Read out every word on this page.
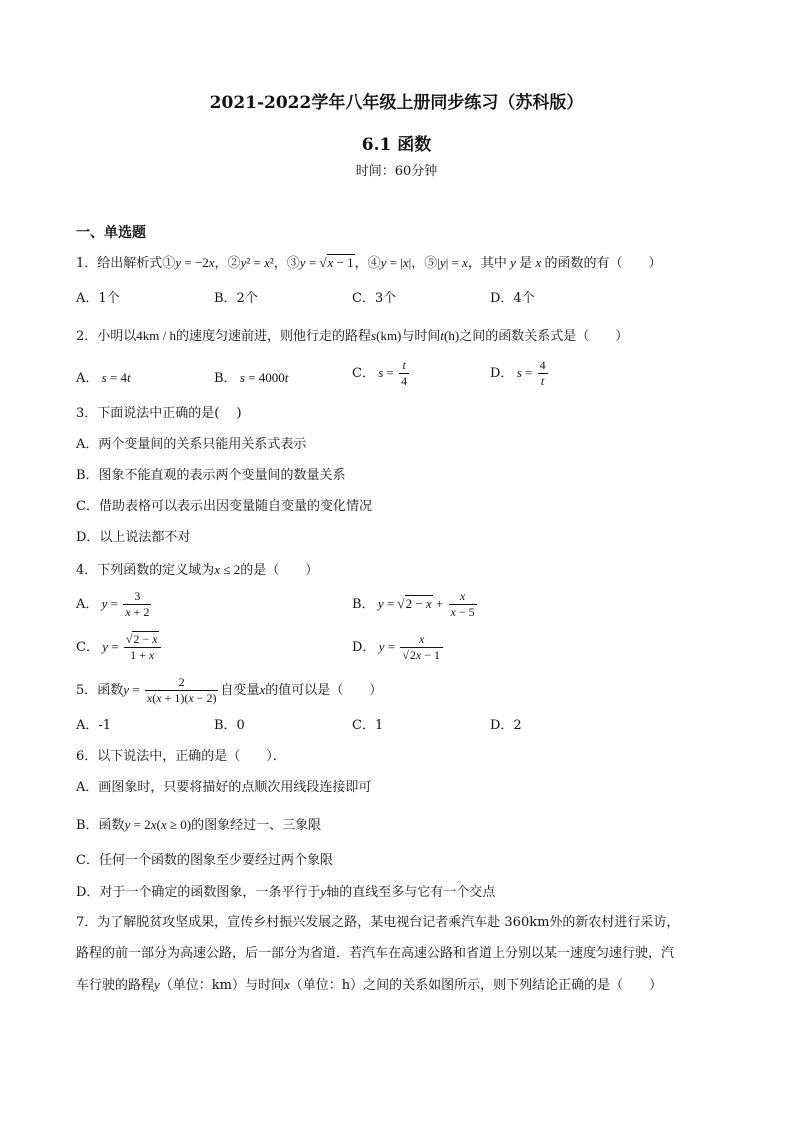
2021-2022学年八年级上册同步练习（苏科版）
6.1 函数
时间：60分钟
一、单选题
1．给出解析式①y = −2x，②y² = x²，③y = √x − 1，④y = |x|，⑤|y| = x，其中 y 是 x 的函数的有（　　）
A．1个	B．2个	C．3个	D．4个
2．小明以4km / h的速度匀速前进，则他行走的路程s(km)与时间t(h)之间的函数关系式是（　　）
A． s = 4t	B． s = 4000t	C． $s = \frac{t}{4}$	D． $s = \frac{4}{t}$
3．下面说法中正确的是(　 )
A．两个变量间的关系只能用关系式表示
B．图象不能直观的表示两个变量间的数量关系
C．借助表格可以表示出因变量随自变量的变化情况
D．以上说法都不对
4．下列函数的定义域为x ≤ 2的是（　　）
A． $y = \frac{3}{x + 2}$	B． $y = √2 - x + \frac{x}{x - 5}$
C． $y = \frac{√2 - x}{1 + x}$	D． $y = \frac{x}{√2x - 1}$
5．函数$y = \frac{2}{x(x + 1)(x - 2)}$ 自变量x的值可以是（　　）
A．-1	B．0	C．1	D．2
6．以下说法中，正确的是（　　）．
A．画图象时，只要将描好的点顺次用线段连接即可
B．函数y = 2x(x ≥ 0)的图象经过一、三象限
C．任何一个函数的图象至少要经过两个象限
D．对于一个确定的函数图象，一条平行于y轴的直线至多与它有一个交点
7．为了解脱贫攻坚成果，宣传乡村振兴发展之路，某电视台记者乘汽车赴 360km外的新农村进行采访，
路程的前一部分为高速公路，后一部分为省道．若汽车在高速公路和省道上分别以某一速度匀速行驶，汽
车行驶的路程y（单位：km）与时间x（单位：h）之间的关系如图所示，则下列结论正确的是（　　）
